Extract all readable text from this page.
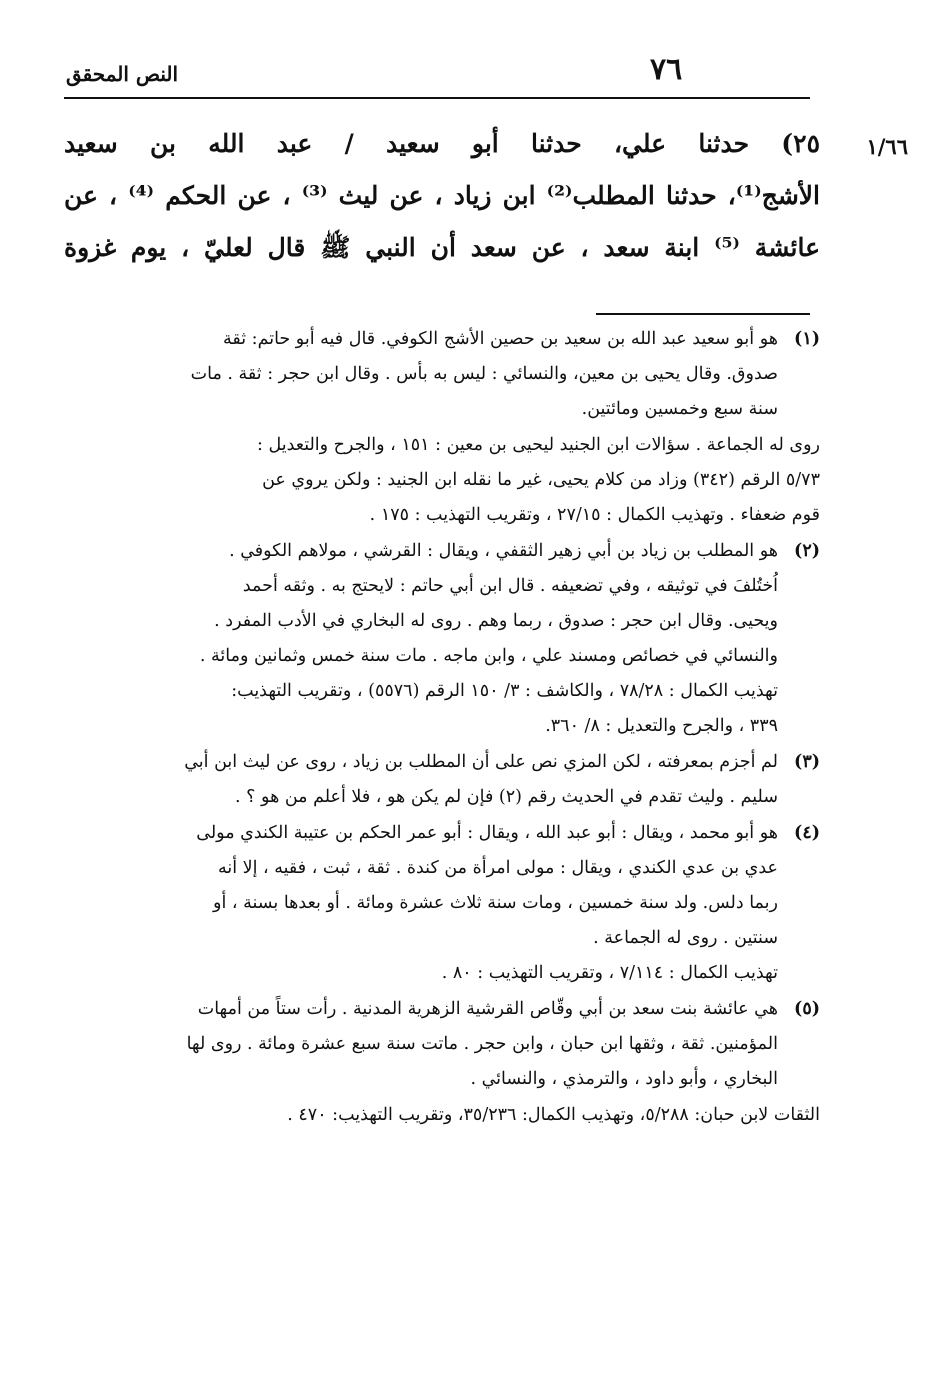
النص المحقق	٧٦
١/٦٦
٢٥) حدثنا علي، حدثنا أبو سعيد / عبد الله بن سعيد
الأشج⁽¹⁾، حدثنا المطلب⁽²⁾ ابن زياد ، عن ليث ⁽³⁾ ، عن الحكم ⁽⁴⁾ ، عن
عائشة ⁽⁵⁾ ابنة سعد ، عن سعد أن النبي ﷺ قال لعليّ ، يوم غزوة
(١)
هو أبو سعيد عبد الله بن سعيد بن حصين الأشج الكوفي. قال فيه أبو حاتم: ثقة
صدوق. وقال يحيى بن معين، والنسائي : ليس به بأس . وقال ابن حجر : ثقة . مات
سنة سبع وخمسين ومائتين.
روى له الجماعة . سؤالات ابن الجنيد ليحيى بن معين : ١٥١ ، والجرح والتعديل :
٥/٧٣ الرقم (٣٤٢) وزاد من كلام يحيى، غير ما نقله ابن الجنيد : ولكن يروي عن
قوم ضعفاء . وتهذيب الكمال : ٢٧/١٥ ، وتقريب التهذيب : ١٧٥ .
(٢)
هو المطلب بن زياد بن أبي زهير الثقفي ، ويقال : القرشي ، مولاهم الكوفي .
اُختُلفَ في توثيقه ، وفي تضعيفه . قال ابن أبي حاتم : لايحتج به . وثقه أحمد
ويحيى. وقال ابن حجر : صدوق ، ربما وهم . روى له البخاري في الأدب المفرد .
والنسائي في خصائص ومسند علي ، وابن ماجه . مات سنة خمس وثمانين ومائة .
تهذيب الكمال : ٧٨/٢٨ ، والكاشف : ٣/ ١٥٠ الرقم (٥٥٧٦) ، وتقريب التهذيب:
٣٣٩ ، والجرح والتعديل : ٨/ ٣٦٠.
(٣)
لم أجزم بمعرفته ، لكن المزي نص على أن المطلب بن زياد ، روى عن ليث ابن أبي
سليم . وليث تقدم في الحديث رقم (٢) فإن لم يكن هو ، فلا أعلم من هو ؟ .
(٤)
هو أبو محمد ، ويقال : أبو عبد الله ، ويقال : أبو عمر الحكم بن عتيبة الكندي مولى
عدي بن عدي الكندي ، ويقال : مولى امرأة من كندة . ثقة ، ثبت ، فقيه ، إلا أنه
ربما دلس. ولد سنة خمسين ، ومات سنة ثلاث عشرة ومائة . أو بعدها بسنة ، أو
سنتين . روى له الجماعة .
تهذيب الكمال : ٧/١١٤ ، وتقريب التهذيب : ٨٠ .
(٥)
هي عائشة بنت سعد بن أبي وقّاص القرشية الزهرية المدنية . رأت ستاً من أمهات
المؤمنين. ثقة ، وثقها ابن حبان ، وابن حجر . ماتت سنة سبع عشرة ومائة . روى لها
البخاري ، وأبو داود ، والترمذي ، والنسائي .
الثقات لابن حبان: ٥/٢٨٨، وتهذيب الكمال: ٣٥/٢٣٦، وتقريب التهذيب: ٤٧٠ .
